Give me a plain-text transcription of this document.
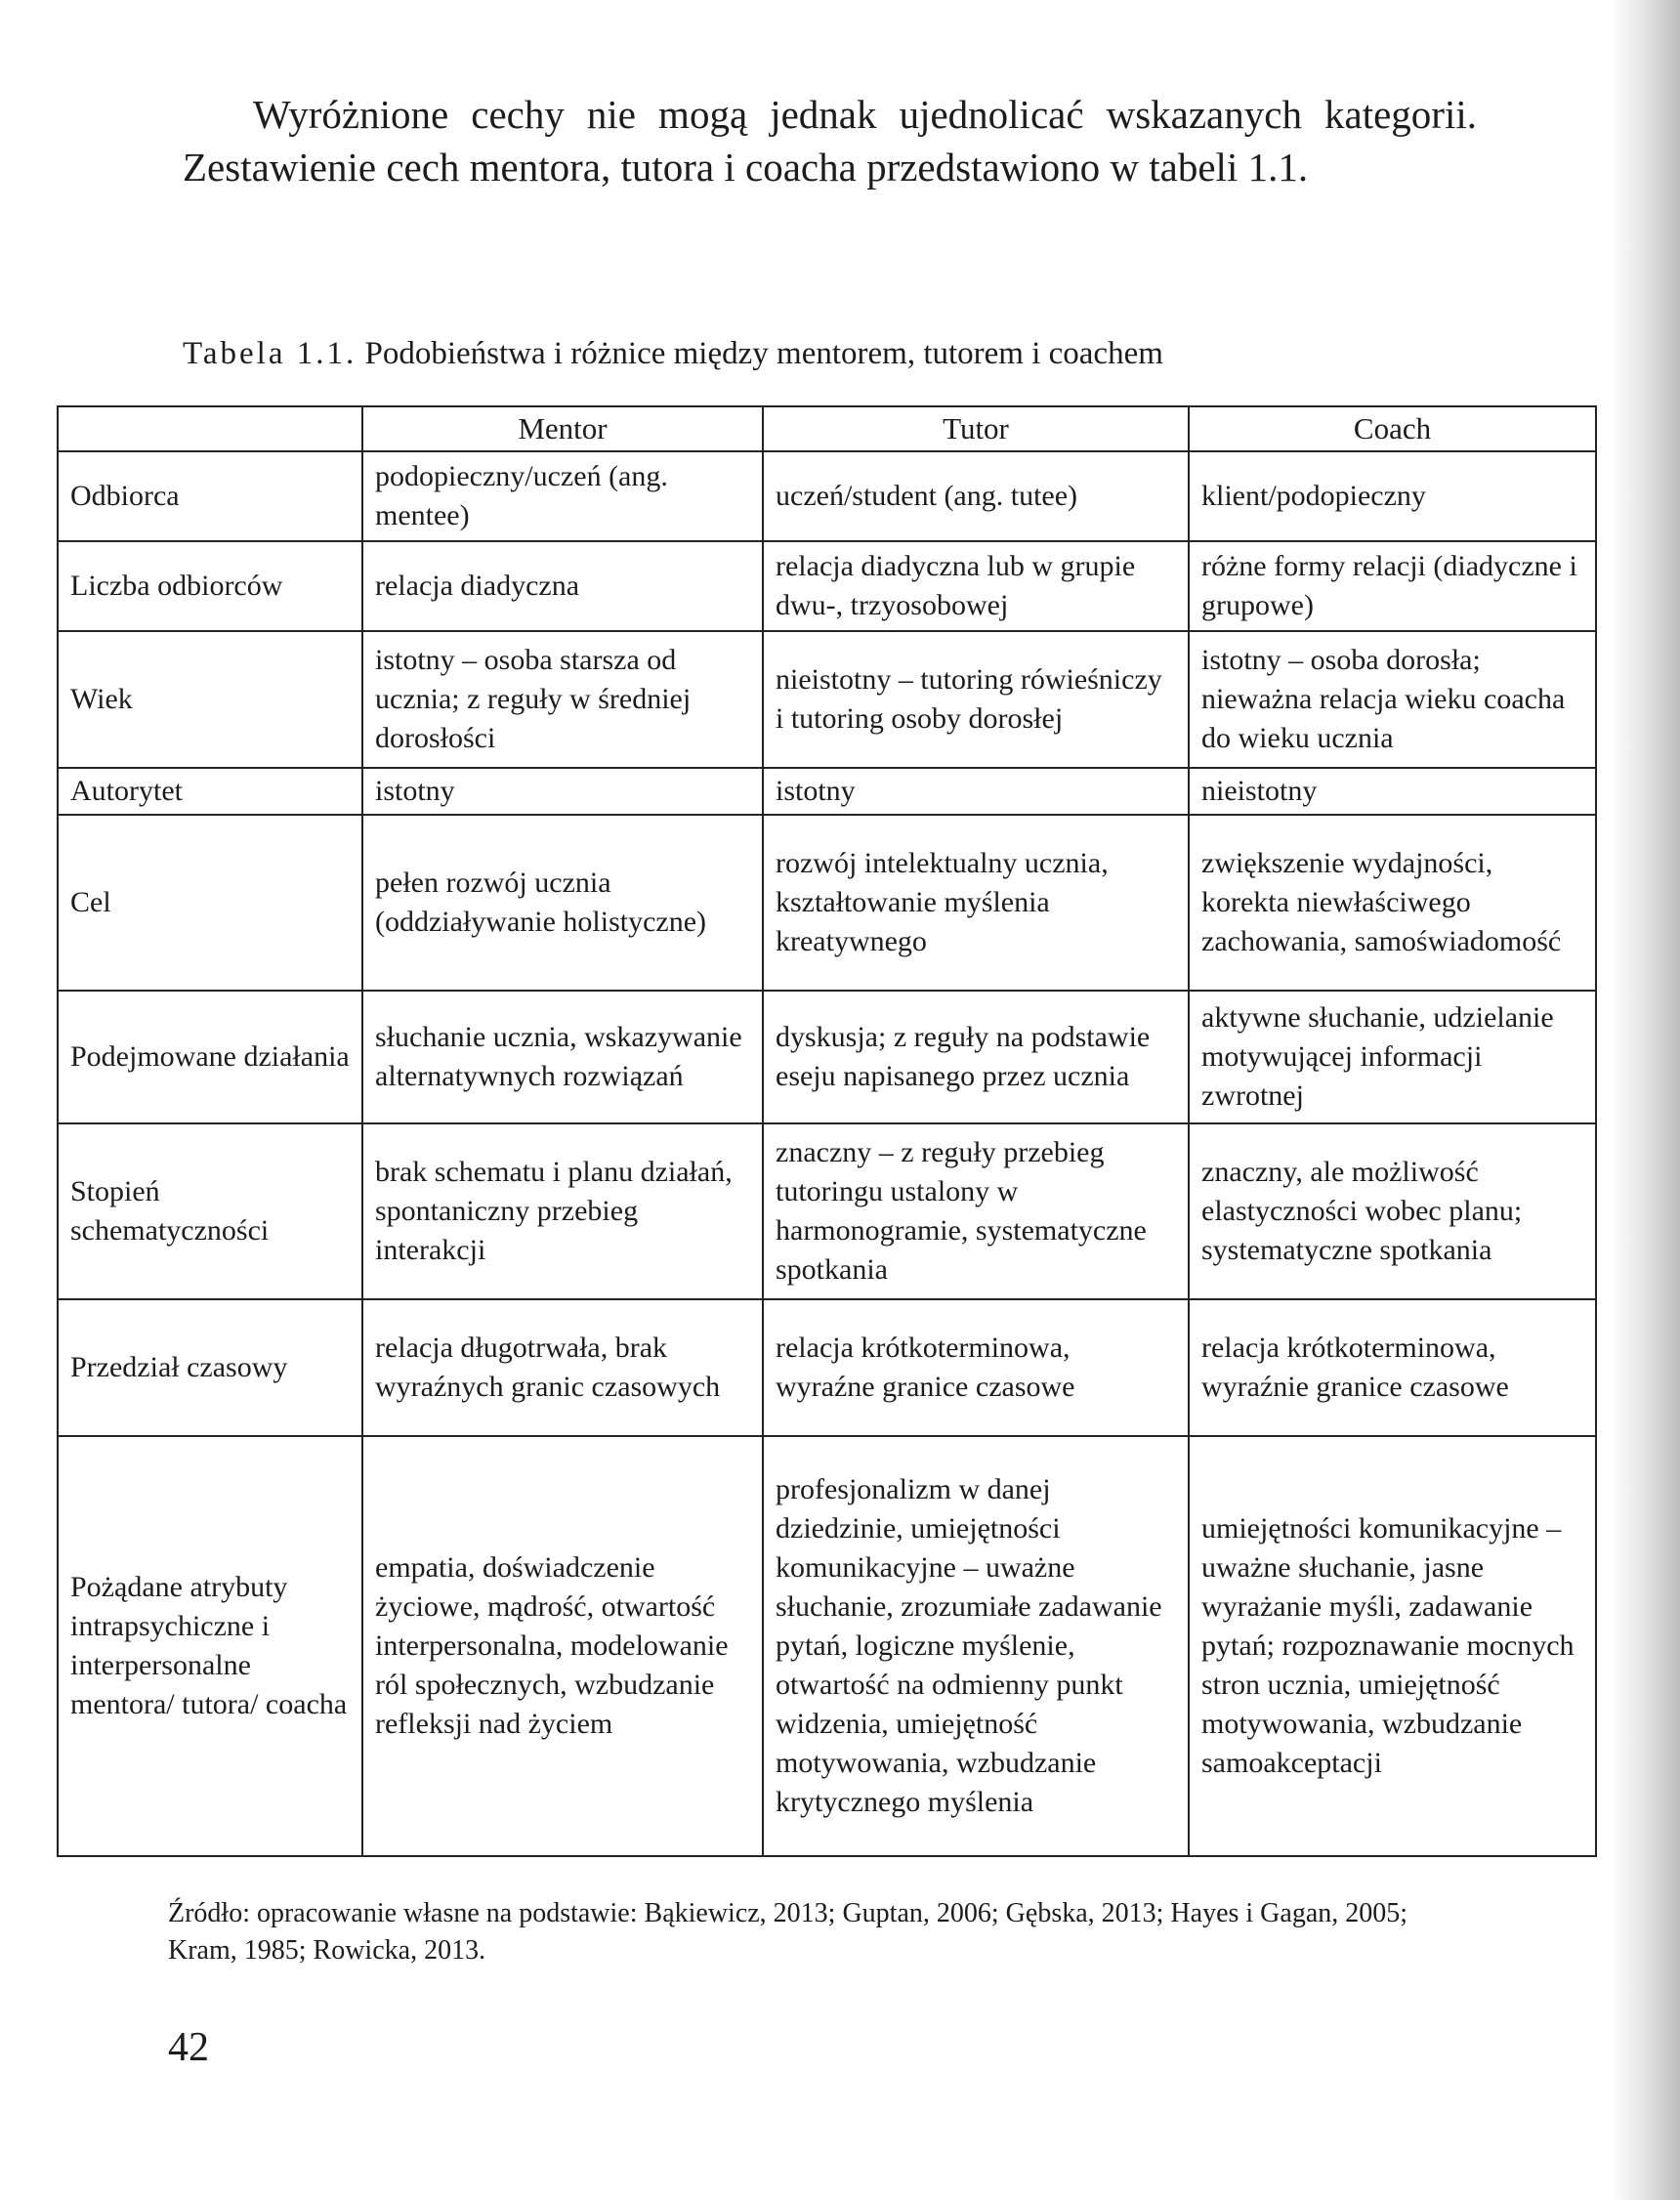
Wyróżnione cechy nie mogą jednak ujednolicać wskazanych kategorii. Zestawienie cech mentora, tutora i coacha przedstawiono w tabeli 1.1.

Tabela 1.1. Podobieństwa i różnice między mentorem, tutorem i coachem

	Mentor	Tutor	Coach
Odbiorca	podopieczny/uczeń (ang. mentee)	uczeń/student (ang. tutee)	klient/podopieczny
Liczba odbiorców	relacja diadyczna	relacja diadyczna lub w grupie dwu-, trzyosobowej	różne formy relacji (diadyczne i grupowe)
Wiek	istotny – osoba starsza od ucznia; z reguły w średniej dorosłości	nieistotny – tutoring rówieśniczy i tutoring osoby dorosłej	istotny – osoba dorosła; nieważna relacja wieku coacha do wieku ucznia
Autorytet	istotny	istotny	nieistotny
Cel	pełen rozwój ucznia (oddziaływanie holistyczne)	rozwój intelektualny ucznia, kształtowanie myślenia kreatywnego	zwiększenie wydajności, korekta niewłaściwego zachowania, samoświadomość
Podejmowane działania	słuchanie ucznia, wskazywanie alternatywnych rozwiązań	dyskusja; z reguły na podstawie eseju napisanego przez ucznia	aktywne słuchanie, udzielanie motywującej informacji zwrotnej
Stopień schematyczności	brak schematu i planu działań, spontaniczny przebieg interakcji	znaczny – z reguły przebieg tutoringu ustalony w harmonogramie, systematyczne spotkania	znaczny, ale możliwość elastyczności wobec planu; systematyczne spotkania
Przedział czasowy	relacja długotrwała, brak wyraźnych granic czasowych	relacja krótkoterminowa, wyraźne granice czasowe	relacja krótkoterminowa, wyraźnie granice czasowe
Pożądane atrybuty intrapsychiczne i interpersonalne mentora/ tutora/ coacha	empatia, doświadczenie życiowe, mądrość, otwartość interpersonalna, modelowanie ról społecznych, wzbudzanie refleksji nad życiem	profesjonalizm w danej dziedzinie, umiejętności komunikacyjne – uważne słuchanie, zrozumiałe zadawanie pytań, logiczne myślenie, otwartość na odmienny punkt widzenia, umiejętność motywowania, wzbudzanie krytycznego myślenia	umiejętności komunikacyjne – uważne słuchanie, jasne wyrażanie myśli, zadawanie pytań; rozpoznawanie mocnych stron ucznia, umiejętność motywowania, wzbudzanie samoakceptacji

Źródło: opracowanie własne na podstawie: Bąkiewicz, 2013; Guptan, 2006; Gębska, 2013; Hayes i Gagan, 2005; Kram, 1985; Rowicka, 2013.

42
